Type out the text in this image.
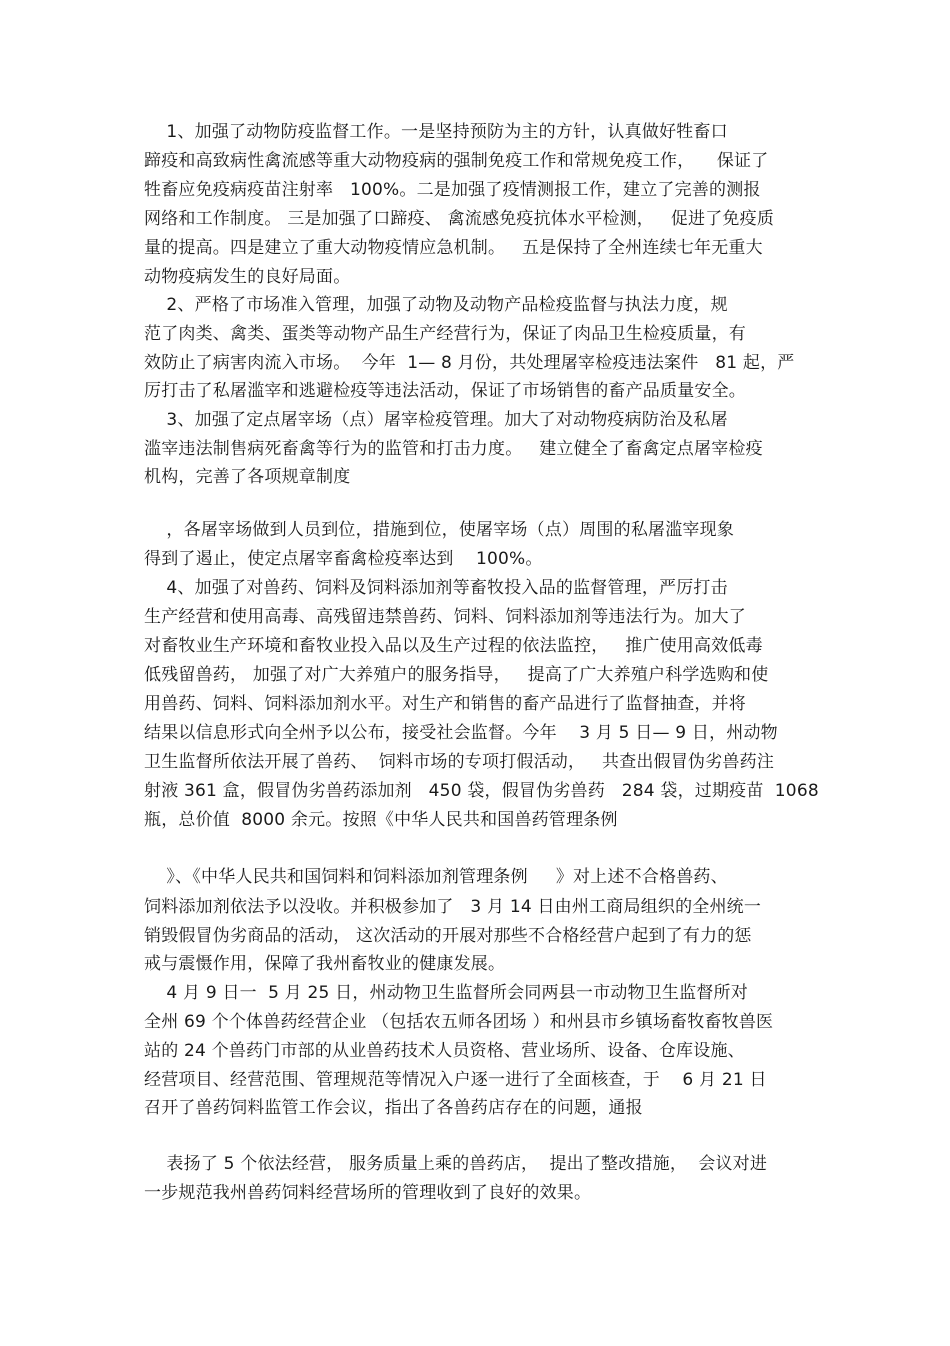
1、加强了动物防疫监督工作。一是坚持预防为主的方针，认真做好牲畜口
蹄疫和高致病性禽流感等重大动物疫病的强制免疫工作和常规免疫工作，    保证了
牲畜应免疫病疫苗注射率   100%。二是加强了疫情测报工作，建立了完善的测报
网络和工作制度。 三是加强了口蹄疫、 禽流感免疫抗体水平检测，   促进了免疫质
量的提高。四是建立了重大动物疫情应急机制。   五是保持了全州连续七年无重大
动物疫病发生的良好局面。
2、严格了市场准入管理，加强了动物及动物产品检疫监督与执法力度，规
范了肉类、禽类、蛋类等动物产品生产经营行为，保证了肉品卫生检疫质量，有
效防止了病害肉流入市场。  今年  1— 8 月份，共处理屠宰检疫违法案件   81 起，严
厉打击了私屠滥宰和逃避检疫等违法活动，保证了市场销售的畜产品质量安全。
3、加强了定点屠宰场（点）屠宰检疫管理。加大了对动物疫病防治及私屠
滥宰违法制售病死畜禽等行为的监管和打击力度。   建立健全了畜禽定点屠宰检疫
机构，完善了各项规章制度
，各屠宰场做到人员到位，措施到位，使屠宰场（点）周围的私屠滥宰现象
得到了遏止，使定点屠宰畜禽检疫率达到    100%。
4、加强了对兽药、饲料及饲料添加剂等畜牧投入品的监督管理，严厉打击
生产经营和使用高毒、高残留违禁兽药、饲料、饲料添加剂等违法行为。加大了
对畜牧业生产环境和畜牧业投入品以及生产过程的依法监控，   推广使用高效低毒
低残留兽药， 加强了对广大养殖户的服务指导，   提高了广大养殖户科学选购和使
用兽药、饲料、饲料添加剂水平。对生产和销售的畜产品进行了监督抽查，并将
结果以信息形式向全州予以公布，接受社会监督。今年    3 月 5 日— 9 日，州动物
卫生监督所依法开展了兽药、  饲料市场的专项打假活动，   共查出假冒伪劣兽药注
射液 361 盒，假冒伪劣兽药添加剂   450 袋，假冒伪劣兽药   284 袋，过期疫苗  1068
瓶，总价值  8000 余元。按照《中华人民共和国兽药管理条例
》、《中华人民共和国饲料和饲料添加剂管理条例     》对上述不合格兽药、
饲料添加剂依法予以没收。并积极参加了   3 月 14 日由州工商局组织的全州统一
销毁假冒伪劣商品的活动， 这次活动的开展对那些不合格经营户起到了有力的惩
戒与震慑作用，保障了我州畜牧业的健康发展。
4 月 9 日一  5 月 25 日，州动物卫生监督所会同两县一市动物卫生监督所对
全州 69 个个体兽药经营企业 （包括农五师各团场 ）和州县市乡镇场畜牧畜牧兽医
站的 24 个兽药门市部的从业兽药技术人员资格、营业场所、设备、仓库设施、
经营项目、经营范围、管理规范等情况入户逐一进行了全面核查，于    6 月 21 日
召开了兽药饲料监管工作会议，指出了各兽药店存在的问题，通报
表扬了 5 个依法经营， 服务质量上乘的兽药店，  提出了整改措施，  会议对进
一步规范我州兽药饲料经营场所的管理收到了良好的效果。
